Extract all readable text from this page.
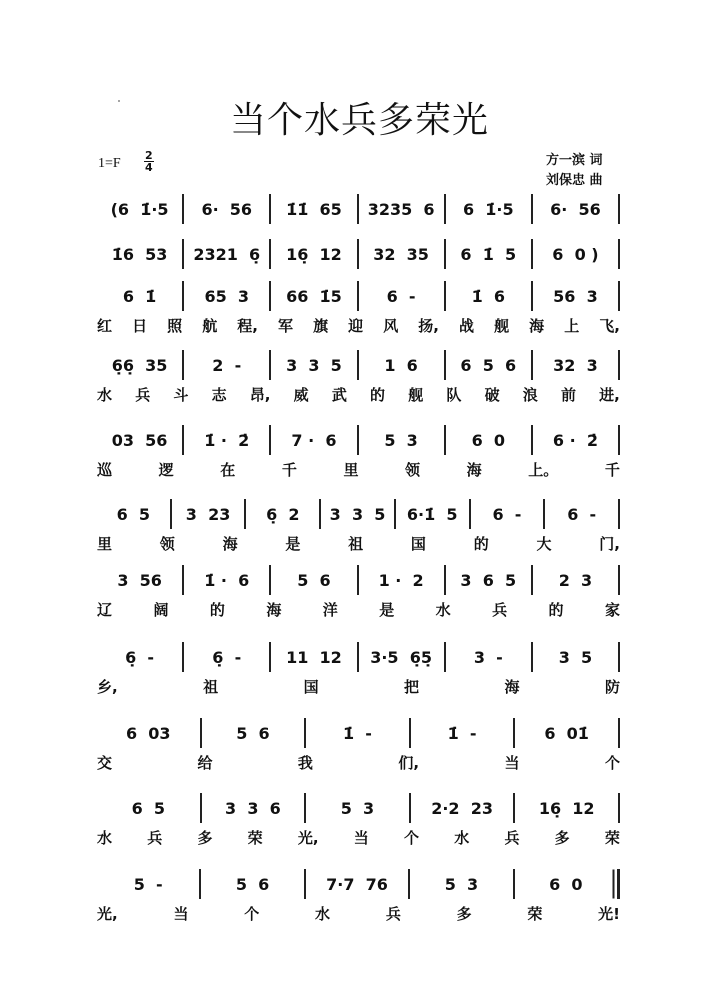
当个水兵多荣光
1=F
2
4	方一滨 词
刘保忠 曲
(6  1̇·5	6·  56	1̇1̇  65	3235  6	6  1̇·5	6·  56
1̇6  53	2321  6̣	16̣  12	32  35	6  1̇  5	6  0 )
6  1̇	65  3	66  1̇5	6  -	1̇  6	56  3
红 日 照 航 程, 军 旗 迎 风 扬, 战 舰 海 上 飞,
6̣6̣  35	2  -	3  3  5	1  6	6  5  6	32  3
水 兵 斗 志 昂, 威 武 的 舰 队 破 浪 前 进,
03  56	1̇ ·  2̇	7 ·  6	5  3	6  0	6 ·  2̇
巡	逻	在	千	里	领	海	上。	千
6  5	3  23	6̣  2	3  3  5	6·1̇  5	6  -	6  -
里	领	海	是	祖	国	的	大	门,
3  56	1̇ ·  6	5  6	1 ·  2	3  6  5	2  3
辽	阔	的	海	洋	是	水	兵	的	家
6̣  -	6̣  -	11  12	3·5  6̣5̣	3  -	3  5
乡,	祖	国	把	海	防
6  03	5  6	1̇  -	1̇  -	6  01̇
交	给	我	们,	当	个
6  5	3  3  6	5  3	2·2  23	16̣  12
水 兵 多 荣 光, 当 个 水 兵 多 荣
5  -	5  6	7·7  76	5  3	6  0
光,	当	个	水	兵	多	荣	光!
